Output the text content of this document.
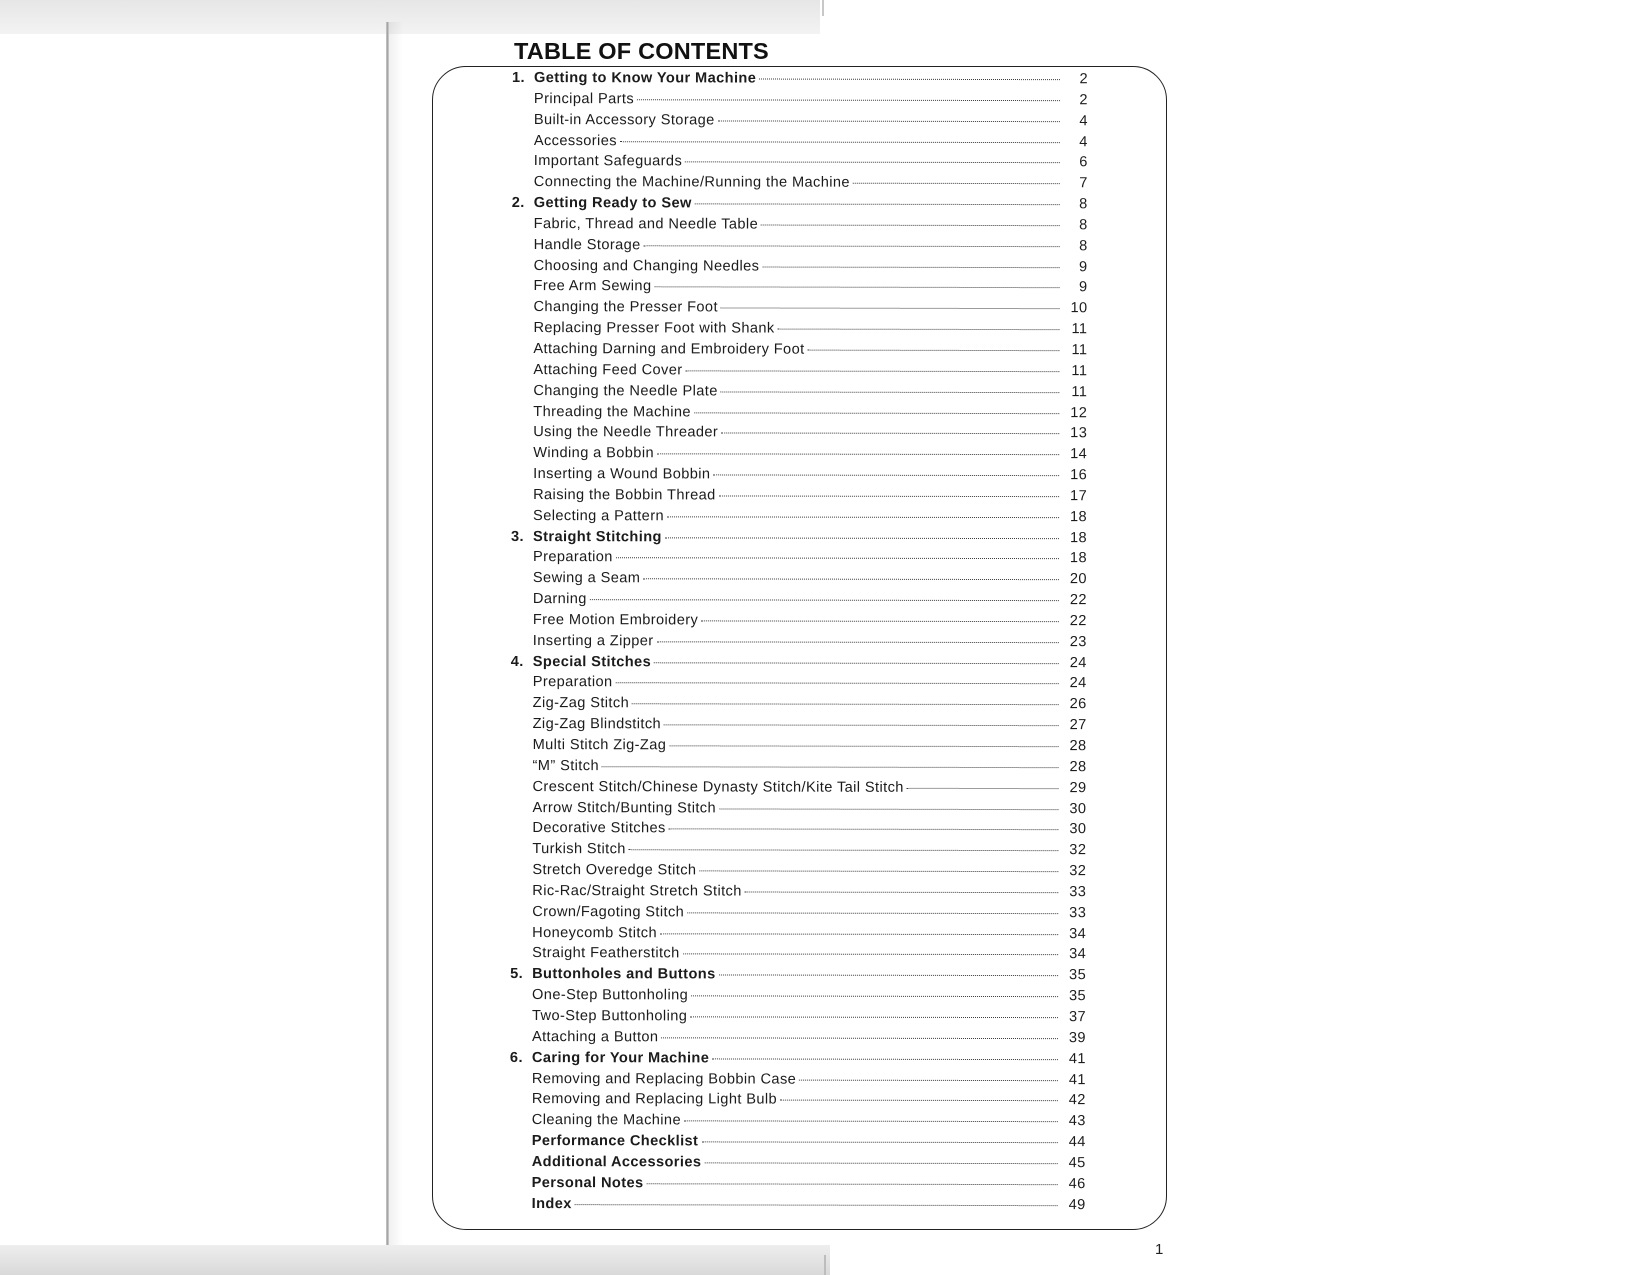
TABLE OF CONTENTS
1. Getting to Know Your Machine	2
Principal Parts	2
Built-in Accessory Storage	4
Accessories	4
Important Safeguards	6
Connecting the Machine/Running the Machine	7
2. Getting Ready to Sew	8
Fabric, Thread and Needle Table	8
Handle Storage	8
Choosing and Changing Needles	9
Free Arm Sewing	9
Changing the Presser Foot	10
Replacing Presser Foot with Shank	11
Attaching Darning and Embroidery Foot	11
Attaching Feed Cover	11
Changing the Needle Plate	11
Threading the Machine	12
Using the Needle Threader	13
Winding a Bobbin	14
Inserting a Wound Bobbin	16
Raising the Bobbin Thread	17
Selecting a Pattern	18
3. Straight Stitching	18
Preparation	18
Sewing a Seam	20
Darning	22
Free Motion Embroidery	22
Inserting a Zipper	23
4. Special Stitches	24
Preparation	24
Zig-Zag Stitch	26
Zig-Zag Blindstitch	27
Multi Stitch Zig-Zag	28
“M” Stitch	28
Crescent Stitch/Chinese Dynasty Stitch/Kite Tail Stitch	29
Arrow Stitch/Bunting Stitch	30
Decorative Stitches	30
Turkish Stitch	32
Stretch Overedge Stitch	32
Ric-Rac/Straight Stretch Stitch	33
Crown/Fagoting Stitch	33
Honeycomb Stitch	34
Straight Featherstitch	34
5. Buttonholes and Buttons	35
One-Step Buttonholing	35
Two-Step Buttonholing	37
Attaching a Button	39
6. Caring for Your Machine	41
Removing and Replacing Bobbin Case	41
Removing and Replacing Light Bulb	42
Cleaning the Machine	43
Performance Checklist	44
Additional Accessories	45
Personal Notes	46
Index	49
1
